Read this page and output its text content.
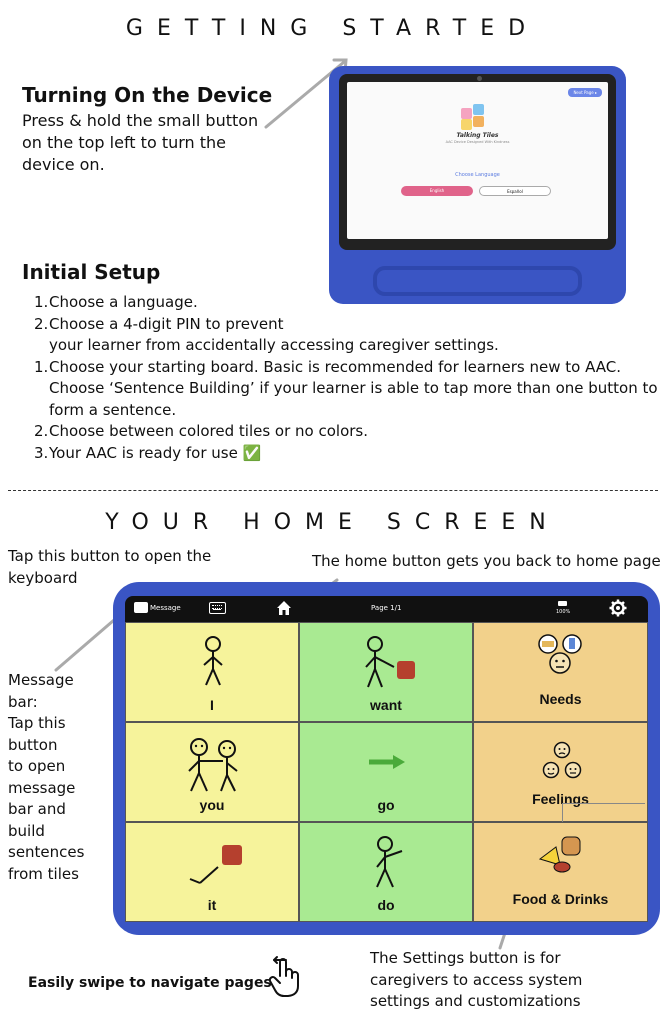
GETTING STARTED
Turning On the Device
Press & hold the small button
on the top left to turn the
device on.
Next Page ▸
Talking Tiles
AAC Device Designed With Kindness
Choose Language
English	Español
Initial Setup
1.Choose a language.
2.Choose a 4-digit PIN to prevent
your learner from accidentally accessing caregiver settings.
1.Choose your starting board. Basic is recommended for learners new to AAC.
Choose ‘Sentence Building’ if your learner is able to tap more than one button to
form a sentence.
2.Choose between colored tiles or no colors.
3.Your AAC is ready for use ✅
YOUR HOME SCREEN
Tap this button to open the
keyboard
The home button gets you back to home page
Message
bar:
Tap this
button
to open
message
bar and
build
sentences
from tiles
Message	Page 1/1	100%
I	want	Needs
you	go	Feelings
it	do	Food & Drinks
The Settings button is for
caregivers to access system
settings and customizations
Easily swipe to navigate pages
